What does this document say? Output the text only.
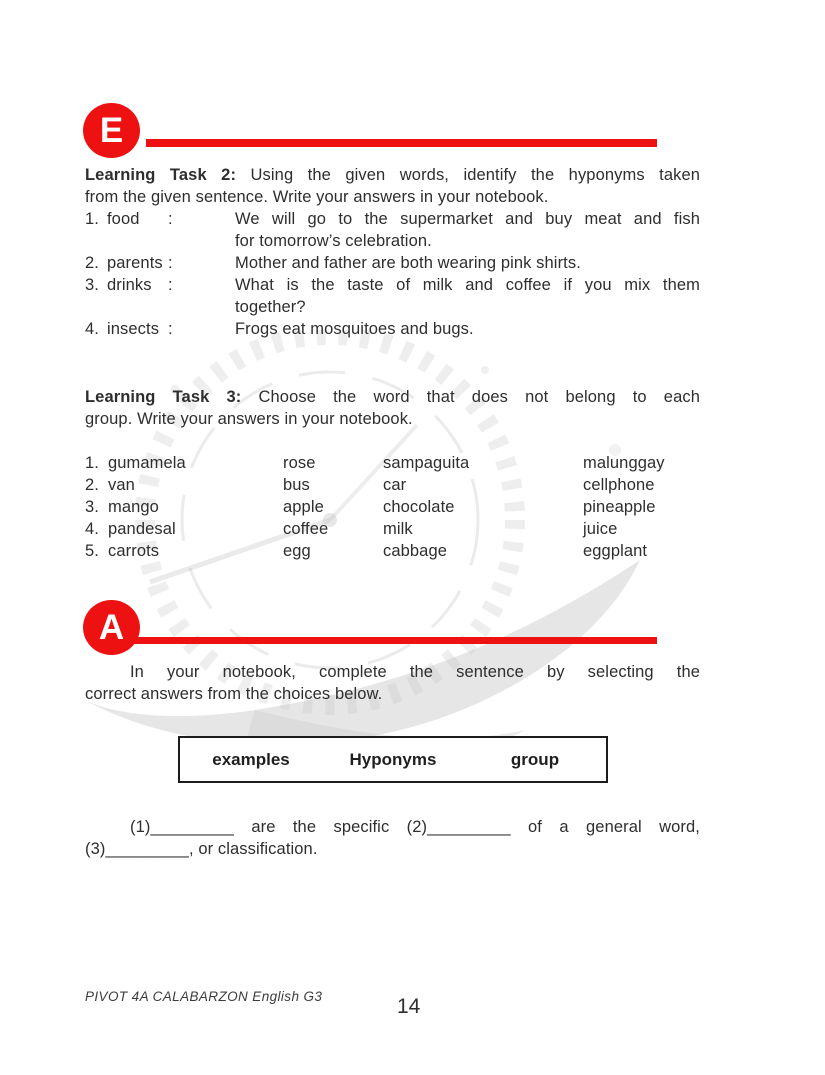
E
Learning Task 2: Using the given words, identify the hyponyms taken
from the given sentence. Write your answers in your notebook.
1. food	:	We will go to the supermarket and buy meat and fish
for tomorrow’s celebration.
2. parents :	Mother and father are both wearing pink shirts.
3. drinks :	What is the taste of milk and coffee if you mix them
together?
4. insects :	Frogs eat mosquitoes and bugs.
Learning Task 3: Choose the word that does not belong to each
group. Write your answers in your notebook.
1. gumamela	rose	sampaguita	malunggay
2. van	bus	car	cellphone
3. mango	apple	chocolate	pineapple
4. pandesal	coffee	milk	juice
5. carrots	egg	cabbage	eggplant
A
In your notebook, complete the sentence by selecting the
correct answers from the choices below.
examples	Hyponyms	group
(1)_________ are the specific (2)_________ of a general word,
(3)_________, or classification.
PIVOT 4A CALABARZON English G3	14
